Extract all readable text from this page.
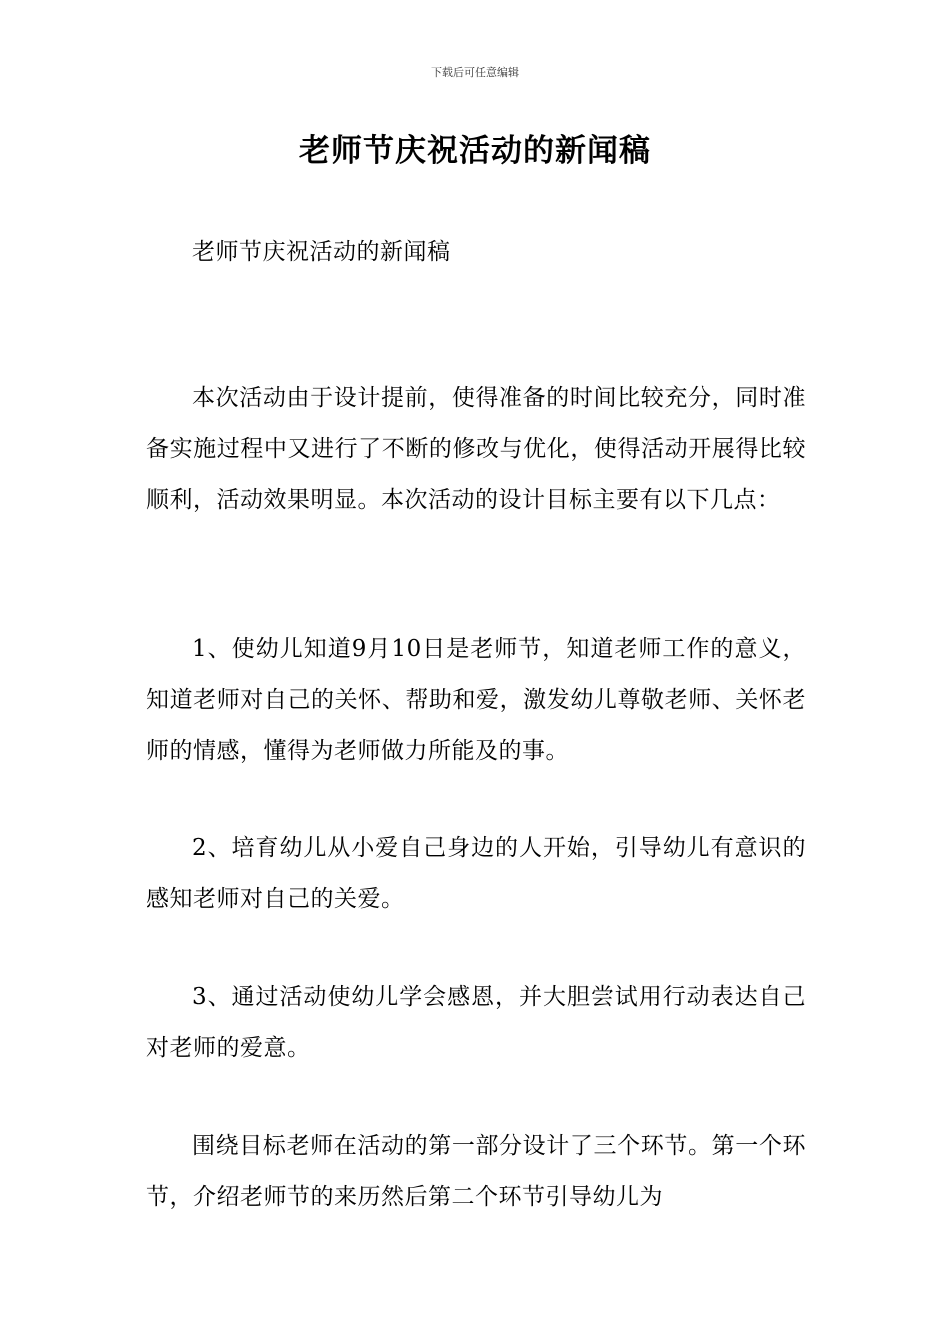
下载后可任意编辑
老师节庆祝活动的新闻稿

老师节庆祝活动的新闻稿

本次活动由于设计提前，使得准备的时间比较充分，同时准备实施过程中又进行了不断的修改与优化，使得活动开展得比较顺利，活动效果明显。本次活动的设计目标主要有以下几点：

1、使幼儿知道9月10日是老师节，知道老师工作的意义，知道老师对自己的关怀、帮助和爱，激发幼儿尊敬老师、关怀老师的情感，懂得为老师做力所能及的事。

2、培育幼儿从小爱自己身边的人开始，引导幼儿有意识的感知老师对自己的关爱。

3、通过活动使幼儿学会感恩，并大胆尝试用行动表达自己对老师的爱意。

围绕目标老师在活动的第一部分设计了三个环节。第一个环节，介绍老师节的来历然后第二个环节引导幼儿为
